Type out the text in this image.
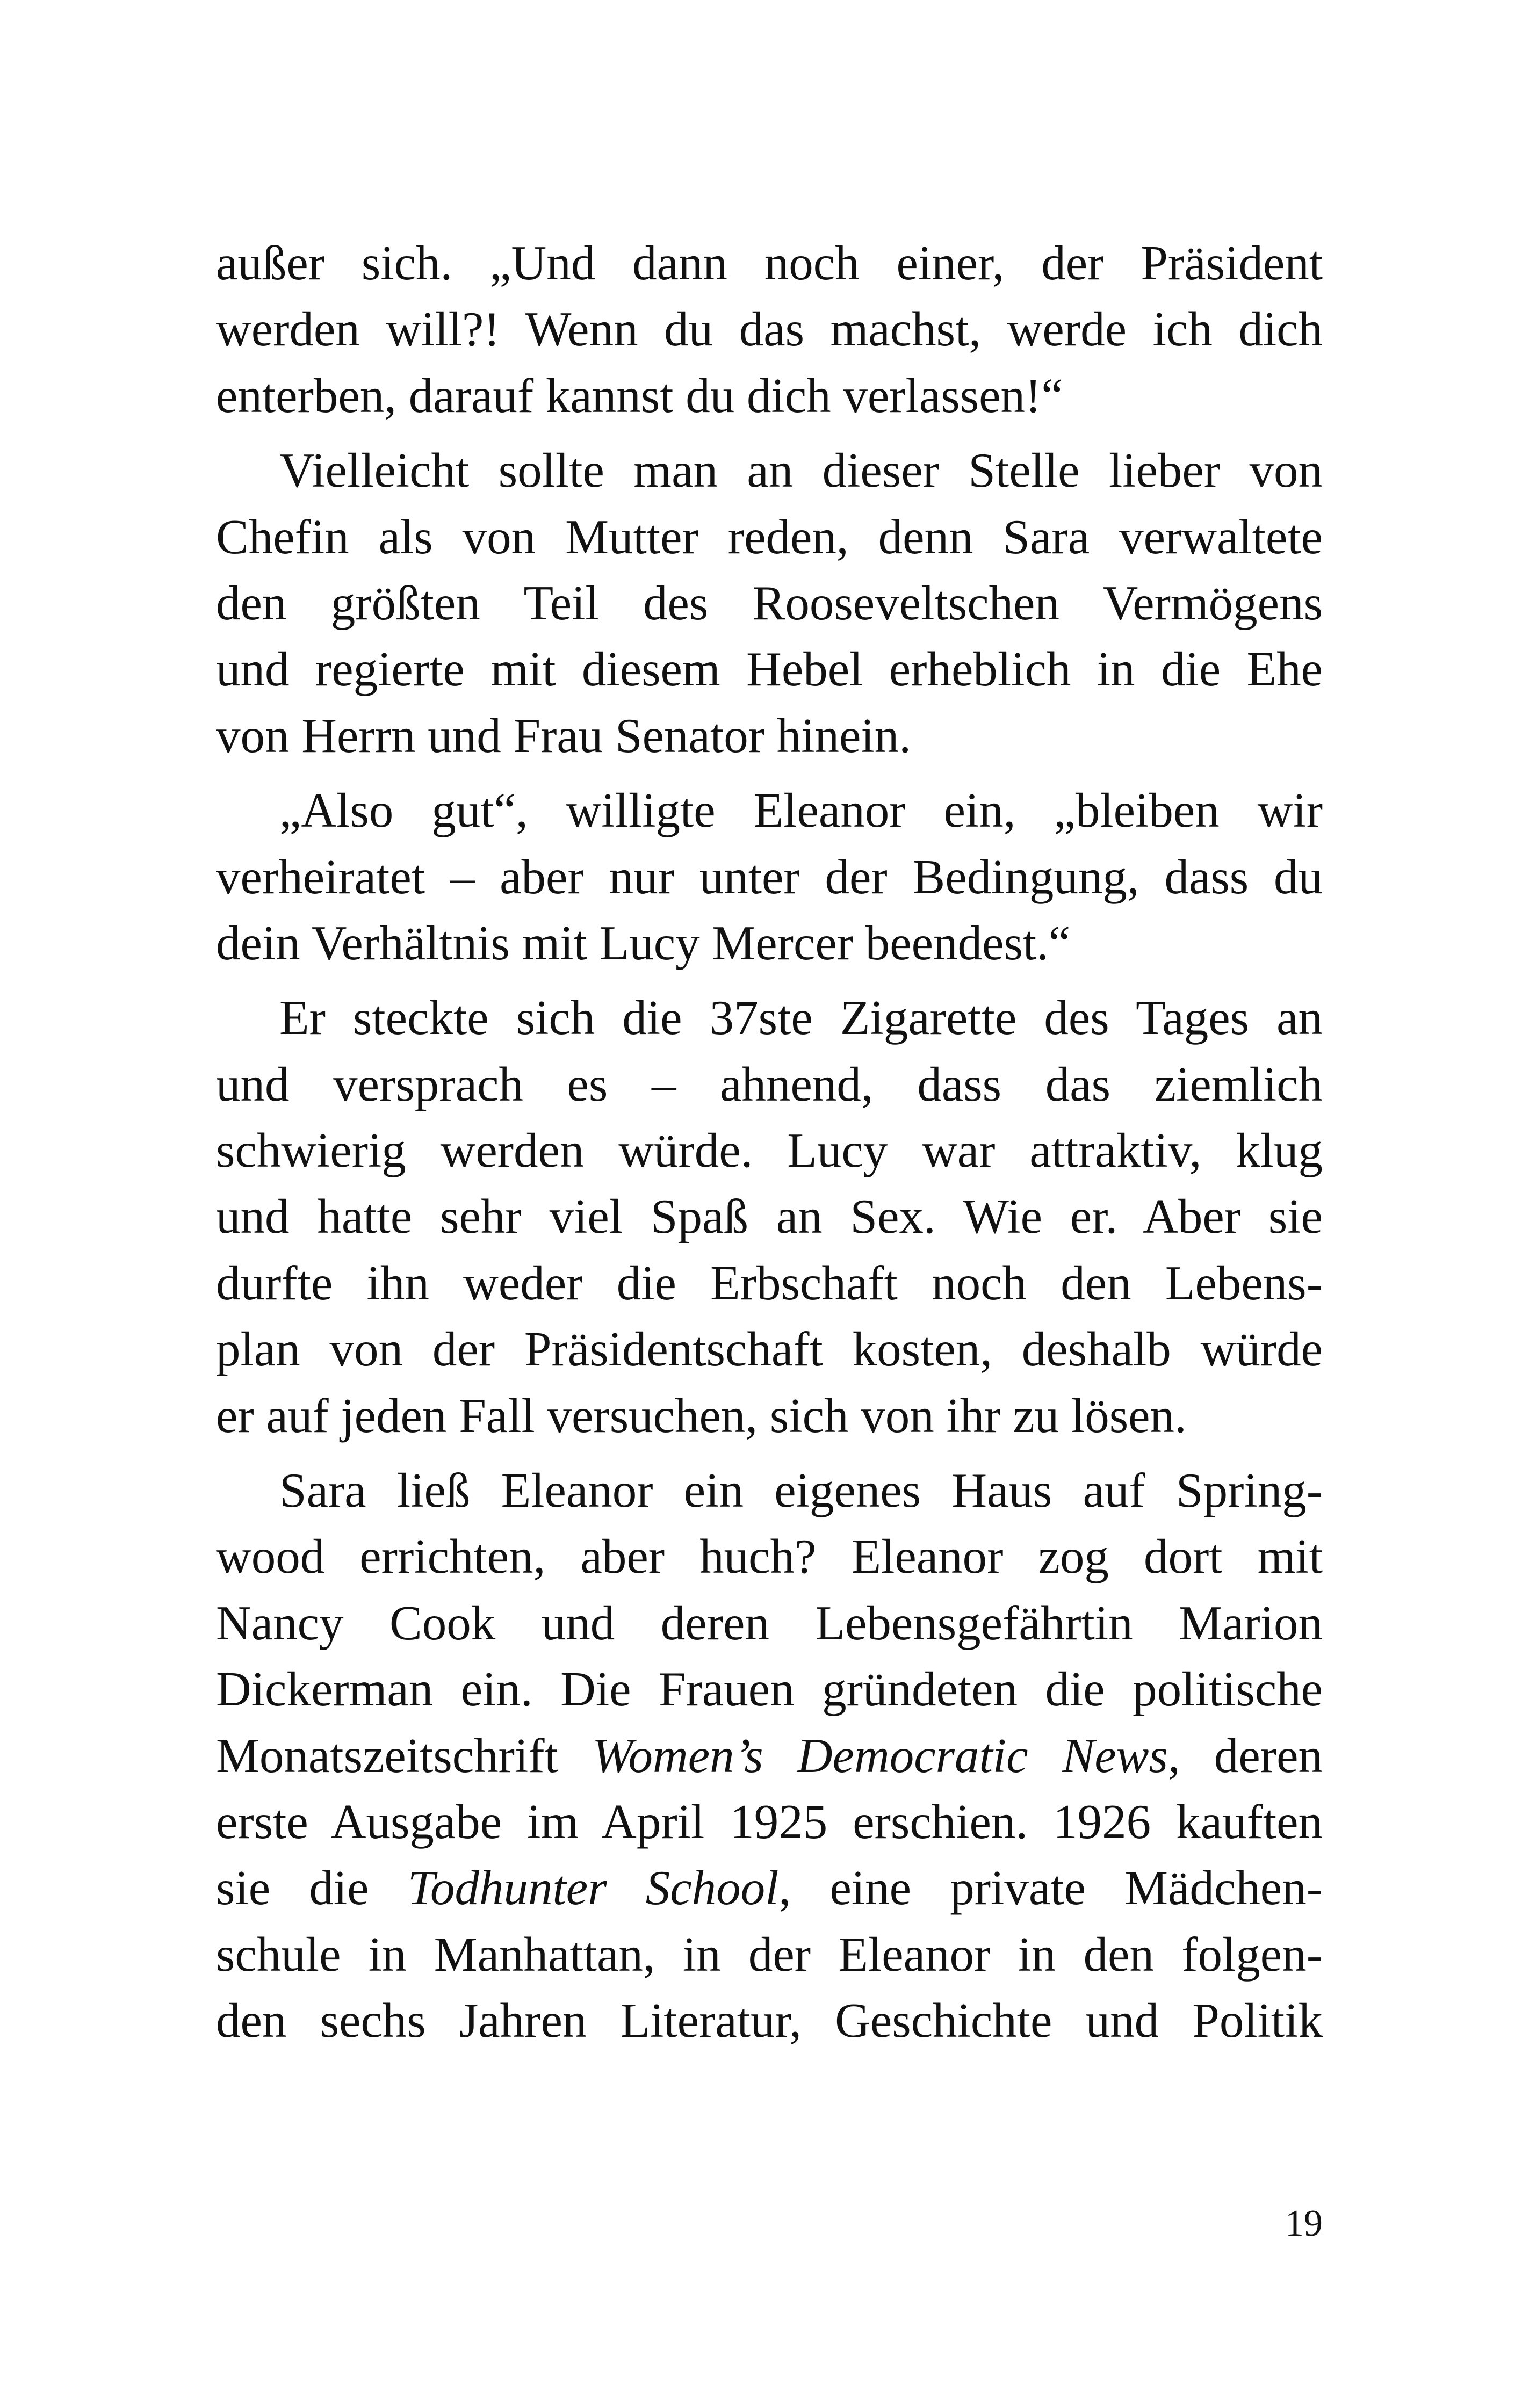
außer sich. „Und dann noch einer, der Präsident
werden will?! Wenn du das machst, werde ich dich
enterben, darauf kannst du dich verlassen!“
Vielleicht sollte man an dieser Stelle lieber von
Chefin als von Mutter reden, denn Sara verwaltete
den größten Teil des Rooseveltschen Vermögens
und regierte mit diesem Hebel erheblich in die Ehe
von Herrn und Frau Senator hinein.
„Also gut“, willigte Eleanor ein, „bleiben wir
verheiratet – aber nur unter der Bedingung, dass du
dein Verhältnis mit Lucy Mercer beendest.“
Er steckte sich die 37ste Zigarette des Tages an
und versprach es – ahnend, dass das ziemlich
schwierig werden würde. Lucy war attraktiv, klug
und hatte sehr viel Spaß an Sex. Wie er. Aber sie
durfte ihn weder die Erbschaft noch den Lebens-
plan von der Präsidentschaft kosten, deshalb würde
er auf jeden Fall versuchen, sich von ihr zu lösen.
Sara ließ Eleanor ein eigenes Haus auf Spring-
wood errichten, aber huch? Eleanor zog dort mit
Nancy Cook und deren Lebensgefährtin Marion
Dickerman ein. Die Frauen gründeten die politische
Monatszeitschrift Women’s Democratic News, deren
erste Ausgabe im April 1925 erschien. 1926 kauften
sie die Todhunter School, eine private Mädchen-
schule in Manhattan, in der Eleanor in den folgen-
den sechs Jahren Literatur, Geschichte und Politik
19
